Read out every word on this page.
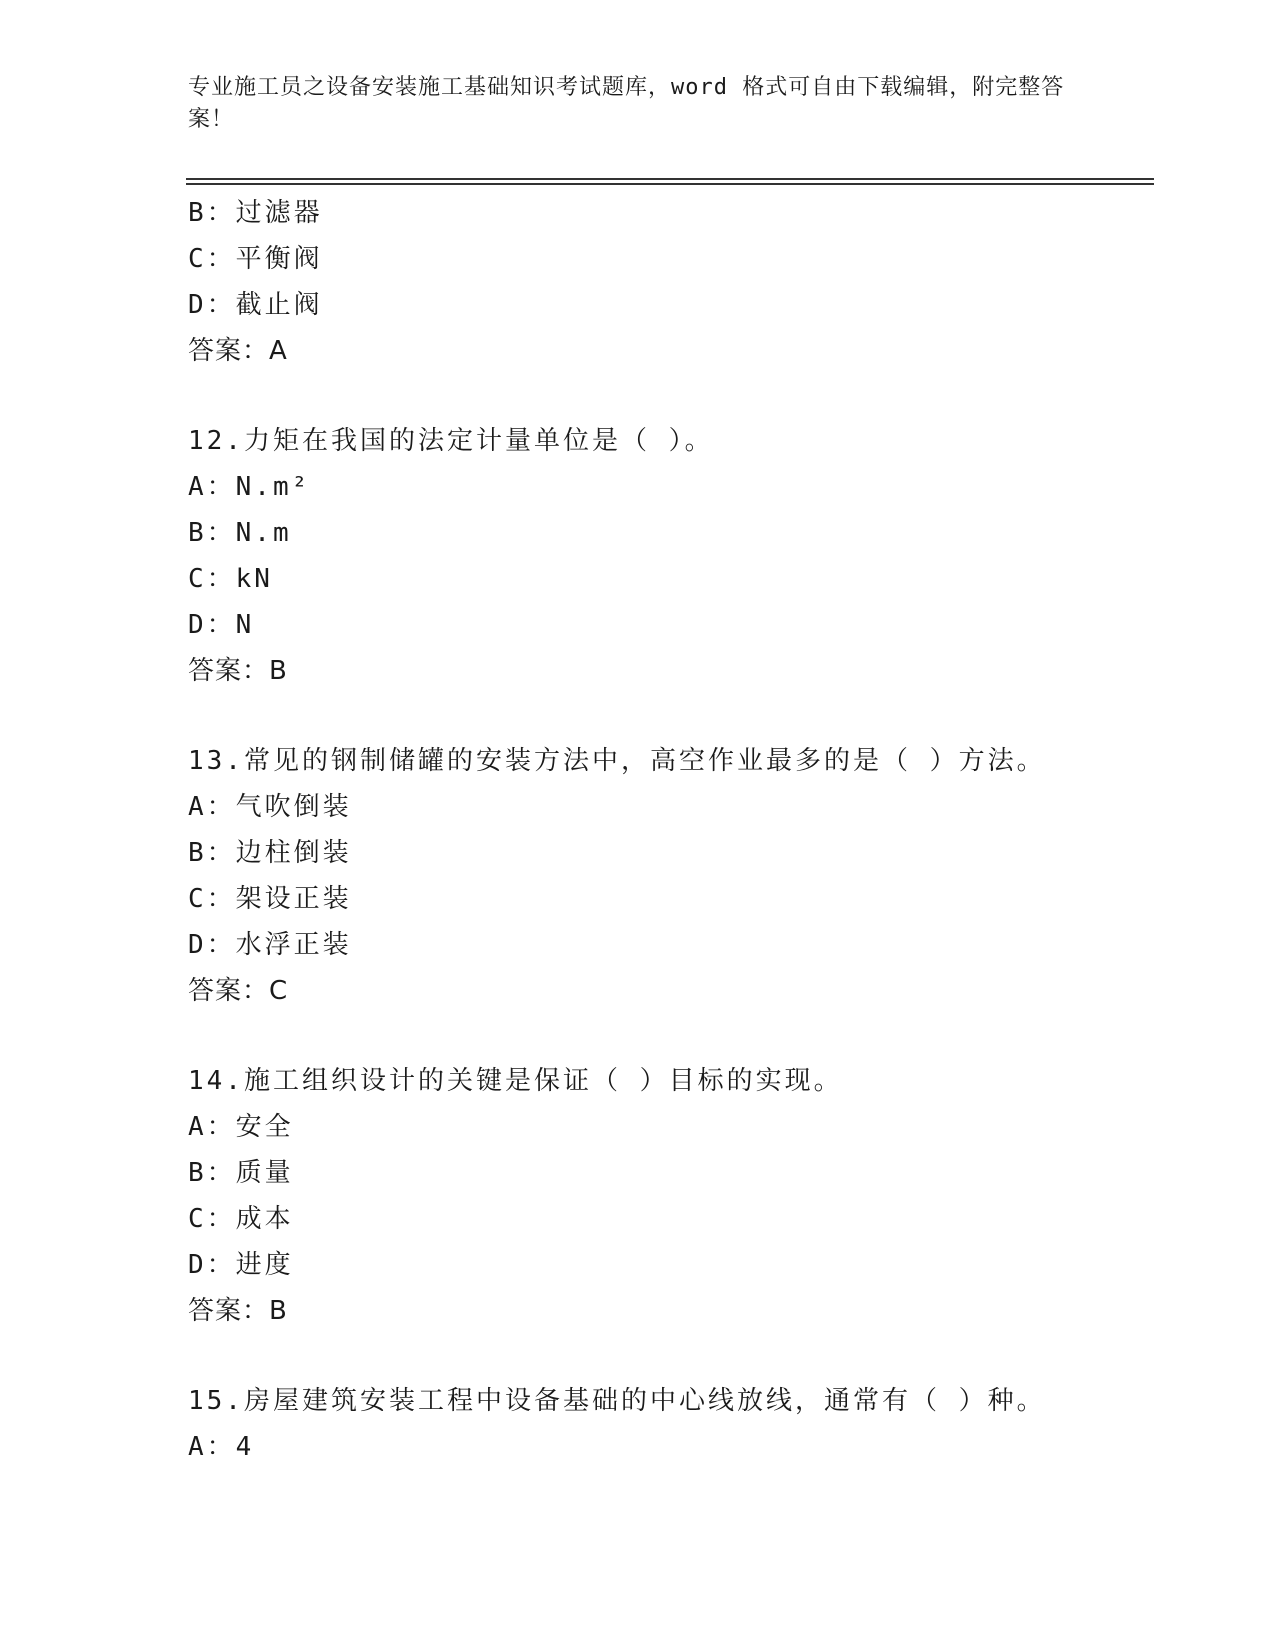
专业施工员之设备安装施工基础知识考试题库，word 格式可自由下载编辑，附完整答案！
B：过滤器
C：平衡阀
D：截止阀
答案：A
12.力矩在我国的法定计量单位是（ ）。
A：N.m²
B：N.m
C：kN
D：N
答案：B
13.常见的钢制储罐的安装方法中，高空作业最多的是（ ）方法。
A：气吹倒装
B：边柱倒装
C：架设正装
D：水浮正装
答案：C
14.施工组织设计的关键是保证（ ）目标的实现。
A：安全
B：质量
C：成本
D：进度
答案：B
15.房屋建筑安装工程中设备基础的中心线放线，通常有（ ）种。
A：4
